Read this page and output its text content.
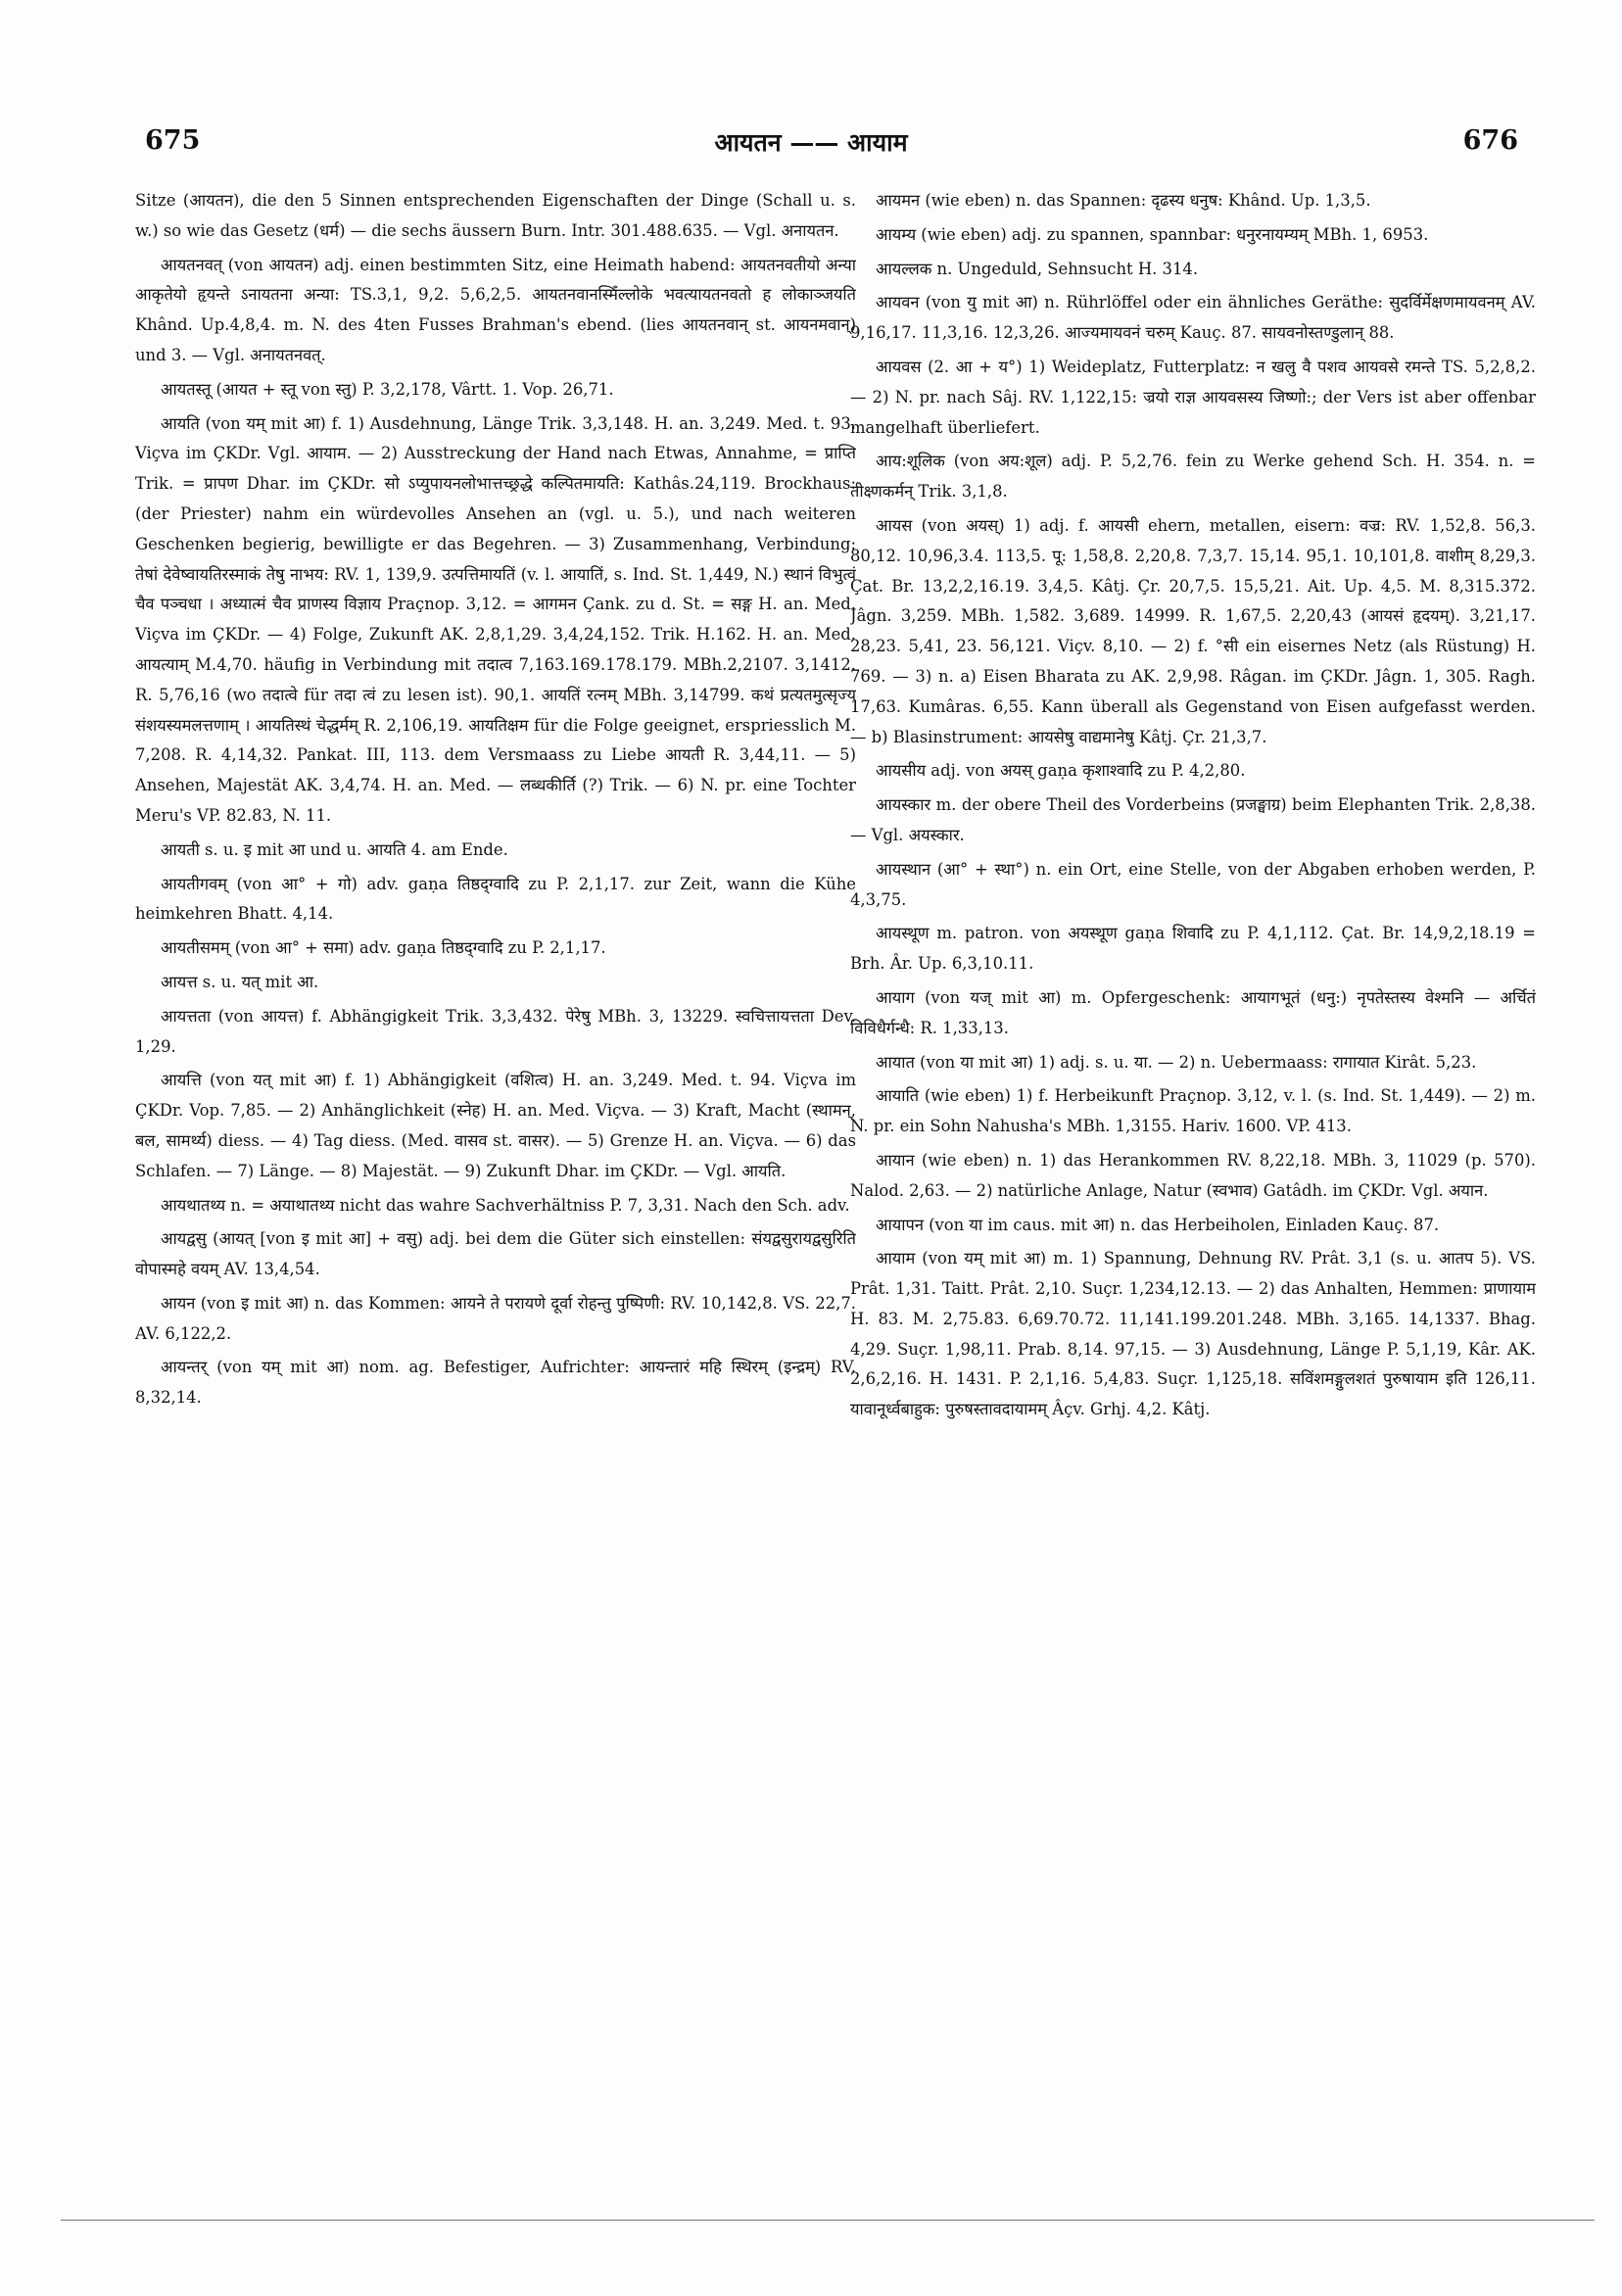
675	आयतन —— आयाम	676

Sitze (आयतन), die den 5 Sinnen entsprechenden Eigenschaften der Dinge (Schall u. s. w.) so wie das Gesetz (धर्म) — die sechs äussern Burn. Intr. 301.488.635. — Vgl. अनायतन.

आयतनवत् (von आयतन) adj. einen bestimmten Sitz, eine Heimath habend: आयतनवतीयो अन्या आकृतेयो हृयन्ते ऽनायतना अन्या: TS.3,1, 9,2. 5,6,2,5. आयतनवानस्मिँल्लोके भवत्यायतनवतो ह लोकाञ्जयति Khând. Up.4,8,4. m. N. des 4ten Fusses Brahman's ebend. (lies आयतनवान् st. आयनमवान्) und 3. — Vgl. अनायतनवत्.

आयतस्तू (आयत + स्तू von स्तु) P. 3,2,178, Vârtt. 1. Vop. 26,71.

आयति (von यम् mit आ) f. 1) Ausdehnung, Länge Trik. 3,3,148. H. an. 3,249. Med. t. 93. Viçva im ÇKDr. Vgl. आयाम. — 2) Ausstreckung der Hand nach Etwas, Annahme, = प्राप्ति Trik. = प्रापण Dhar. im ÇKDr. सो ऽप्युपायनलोभात्तच्छ्रद्धे कल्पितमायति: Kathâs.24,119. Brockhaus: (der Priester) nahm ein würdevolles Ansehen an (vgl. u. 5.), und nach weiteren Geschenken begierig, bewilligte er das Begehren. — 3) Zusammenhang, Verbindung: तेषां देवेष्वायतिरस्माकं तेषु नाभय: RV. 1, 139,9. उत्पत्तिमायतिं (v. l. आयातिं, s. Ind. St. 1,449, N.) स्थानं विभुत्वं चैव पञ्चधा । अध्यात्मं चैव प्राणस्य विज्ञाय Praçnop. 3,12. = आगमन Çank. zu d. St. = सङ्ग H. an. Med. Viçva im ÇKDr. — 4) Folge, Zukunft AK. 2,8,1,29. 3,4,24,152. Trik. H.162. H. an. Med. आयत्याम् M.4,70. häufig in Verbindung mit तदात्व 7,163.169.178.179. MBh.2,2107. 3,1412. R. 5,76,16 (wo तदात्वे für तदा त्वं zu lesen ist). 90,1. आयतिं रत्नम् MBh. 3,14799. कथं प्रत्यतमुत्सृज्य संशयस्यमलत्तणाम् । आयतिस्थं चेद्धर्मम् R. 2,106,19. आयतिक्षम für die Folge geeignet, erspriesslich M. 7,208. R. 4,14,32. Pankat. III, 113. dem Versmaass zu Liebe आयती R. 3,44,11. — 5) Ansehen, Majestät AK. 3,4,74. H. an. Med. — लब्धकीर्ति (?) Trik. — 6) N. pr. eine Tochter Meru's VP. 82.83, N. 11.

आयती s. u. इ mit आ und u. आयति 4. am Ende.

आयतीगवम् (von आ° + गो) adv. gaṇa तिष्ठद्ग्वादि zu P. 2,1,17. zur Zeit, wann die Kühe heimkehren Bhatt. 4,14.

आयतीसमम् (von आ° + समा) adv. gaṇa तिष्ठद्ग्वादि zu P. 2,1,17.

आयत्त s. u. यत् mit आ.

आयत्तता (von आयत्त) f. Abhängigkeit Trik. 3,3,432. पेरेषु MBh. 3, 13229. स्वचित्तायत्तता Dev. 1,29.

आयत्ति (von यत् mit आ) f. 1) Abhängigkeit (वशित्व) H. an. 3,249. Med. t. 94. Viçva im ÇKDr. Vop. 7,85. — 2) Anhänglichkeit (स्नेह) H. an. Med. Viçva. — 3) Kraft, Macht (स्थामन्, बल, सामर्थ्य) diess. — 4) Tag diess. (Med. वासव st. वासर). — 5) Grenze H. an. Viçva. — 6) das Schlafen. — 7) Länge. — 8) Majestät. — 9) Zukunft Dhar. im ÇKDr. — Vgl. आयति.

आयथातथ्य n. = अयाथातथ्य nicht das wahre Sachverhältniss P. 7, 3,31. Nach den Sch. adv.

आयद्वसु (आयत् [von इ mit आ] + वसु) adj. bei dem die Güter sich einstellen: संयद्वसुरायद्वसुरिति वोपास्महे वयम् AV. 13,4,54.

आयन (von इ mit आ) n. das Kommen: आयने ते परायणे दूर्वा रोहन्तु पुष्पिणी: RV. 10,142,8. VS. 22,7. AV. 6,122,2.

आयन्तर् (von यम् mit आ) nom. ag. Befestiger, Aufrichter: आयन्तारं महि स्थिरम् (इन्द्रम्) RV. 8,32,14.

आयमन (wie eben) n. das Spannen: दृढस्य धनुष: Khând. Up. 1,3,5.

आयम्य (wie eben) adj. zu spannen, spannbar: धनुरनायम्यम् MBh. 1, 6953.

आयल्लक n. Ungeduld, Sehnsucht H. 314.

आयवन (von यु mit आ) n. Rührlöffel oder ein ähnliches Geräthe: सुदर्विर्मेक्षणमायवनम् AV. 9,16,17. 11,3,16. 12,3,26. आज्यमायवनं चरुम् Kauç. 87. सायवनोस्तण्डुलान् 88.

आयवस (2. आ + य°) 1) Weideplatz, Futterplatz: न खलु वै पशव आयवसे रमन्ते TS. 5,2,8,2. — 2) N. pr. nach Sâj. RV. 1,122,15: ज्रयो राज्ञ आयवसस्य जिष्णो:; der Vers ist aber offenbar mangelhaft überliefert.

आय:शूलिक (von अय:शूल) adj. P. 5,2,76. fein zu Werke gehend Sch. H. 354. n. = तीक्ष्णकर्मन् Trik. 3,1,8.

आयस (von अयस्) 1) adj. f. आयसी ehern, metallen, eisern: वज्र: RV. 1,52,8. 56,3. 80,12. 10,96,3.4. 113,5. पू: 1,58,8. 2,20,8. 7,3,7. 15,14. 95,1. 10,101,8. वाशीम् 8,29,3. Çat. Br. 13,2,2,16.19. 3,4,5. Kâtj. Çr. 20,7,5. 15,5,21. Ait. Up. 4,5. M. 8,315.372. Jâgn. 3,259. MBh. 1,582. 3,689. 14999. R. 1,67,5. 2,20,43 (आयसं हृदयम्). 3,21,17. 28,23. 5,41, 23. 56,121. Viçv. 8,10. — 2) f. °सी ein eisernes Netz (als Rüstung) H. 769. — 3) n. a) Eisen Bharata zu AK. 2,9,98. Râgan. im ÇKDr. Jâgn. 1, 305. Ragh. 17,63. Kumâras. 6,55. Kann überall als Gegenstand von Eisen aufgefasst werden. — b) Blasinstrument: आयसेषु वाद्यमानेषु Kâtj. Çr. 21,3,7.

आयसीय adj. von अयस् gaṇa कृशाश्वादि zu P. 4,2,80.

आयस्कार m. der obere Theil des Vorderbeins (प्रजङ्घाग्र) beim Elephanten Trik. 2,8,38. — Vgl. अयस्कार.

आयस्थान (आ° + स्था°) n. ein Ort, eine Stelle, von der Abgaben erhoben werden, P. 4,3,75.

आयस्थूण m. patron. von अयस्थूण gaṇa शिवादि zu P. 4,1,112. Çat. Br. 14,9,2,18.19 = Brh. Âr. Up. 6,3,10.11.

आयाग (von यज् mit आ) m. Opfergeschenk: आयागभूतं (धनु:) नृपतेस्तस्य वेश्मनि — अर्चितं विविधैर्गन्धै: R. 1,33,13.

आयात (von या mit आ) 1) adj. s. u. या. — 2) n. Uebermaass: रागायात Kirât. 5,23.

आयाति (wie eben) 1) f. Herbeikunft Praçnop. 3,12, v. l. (s. Ind. St. 1,449). — 2) m. N. pr. ein Sohn Nahusha's MBh. 1,3155. Hariv. 1600. VP. 413.

आयान (wie eben) n. 1) das Herankommen RV. 8,22,18. MBh. 3, 11029 (p. 570). Nalod. 2,63. — 2) natürliche Anlage, Natur (स्वभाव) Gatâdh. im ÇKDr. Vgl. अयान.

आयापन (von या im caus. mit आ) n. das Herbeiholen, Einladen Kauç. 87.

आयाम (von यम् mit आ) m. 1) Spannung, Dehnung RV. Prât. 3,1 (s. u. आतप 5). VS. Prât. 1,31. Taitt. Prât. 2,10. Suçr. 1,234,12.13. — 2) das Anhalten, Hemmen: प्राणायाम H. 83. M. 2,75.83. 6,69.70.72. 11,141.199.201.248. MBh. 3,165. 14,1337. Bhag. 4,29. Suçr. 1,98,11. Prab. 8,14. 97,15. — 3) Ausdehnung, Länge P. 5,1,19, Kâr. AK. 2,6,2,16. H. 1431. P. 2,1,16. 5,4,83. Suçr. 1,125,18. सविंशमङ्गुलशतं पुरुषायाम इति 126,11. यावानूर्ध्वबाहुक: पुरुषस्तावदायामम् Âçv. Grhj. 4,2. Kâtj.
